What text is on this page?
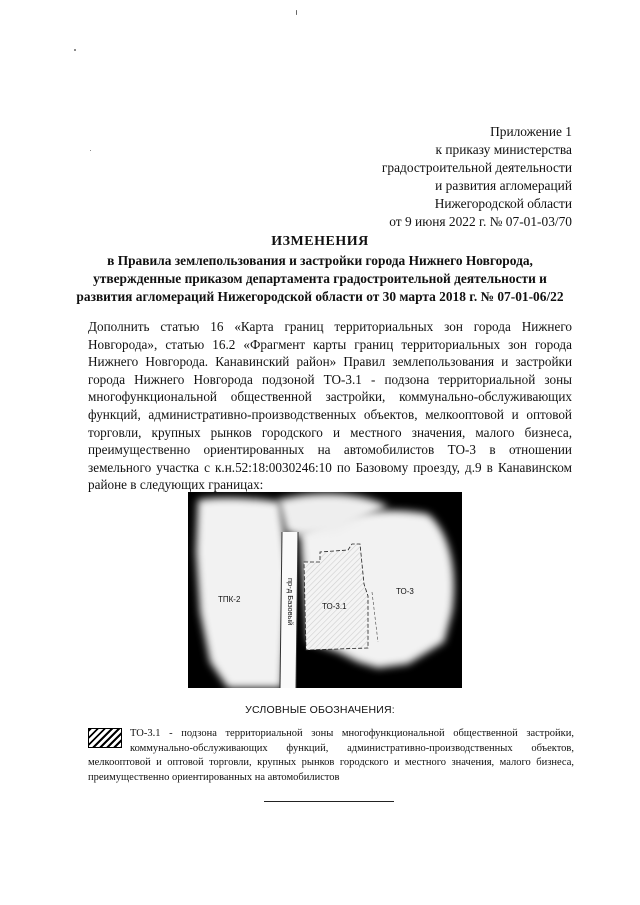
Приложение 1
к приказу министерства
градостроительной деятельности
и развития агломераций
Нижегородской области
от 9 июня 2022 г. № 07-01-03/70
ИЗМЕНЕНИЯ
в Правила землепользования и застройки города Нижнего Новгорода,
утвержденные приказом департамента градостроительной деятельности и
развития агломераций Нижегородской области от 30 марта 2018 г. № 07-01-06/22
Дополнить статью 16 «Карта границ территориальных зон города Нижнего Новгорода», статью 16.2 «Фрагмент карты границ территориальных зон города Нижнего Новгорода. Канавинский район» Правил землепользования и застройки города Нижнего Новгорода подзоной ТО-3.1 - подзона территориальной зоны многофункциональной общественной застройки, коммунально-обслуживающих функций, административно-производственных объектов, мелкооптовой и оптовой торговли, крупных рынков городского и местного значения, малого бизнеса, преимущественно ориентированных на автомобилистов ТО-3 в отношении земельного участка с к.н.52:18:0030246:10 по Базовому проезду, д.9 в Канавинском районе в следующих границах:
ТПК-2	пр-д Базовый	ТО-3.1
ТО-3
УСЛОВНЫЕ ОБОЗНАЧЕНИЯ:
ТО-3.1 - подзона территориальной зоны многофункциональной общественной застройки, коммунально-обслуживающих функций, административно-производственных объектов, мелкооптовой и оптовой торговли, крупных рынков городского и местного значения, малого бизнеса, преимущественно ориентированных на автомобилистов
